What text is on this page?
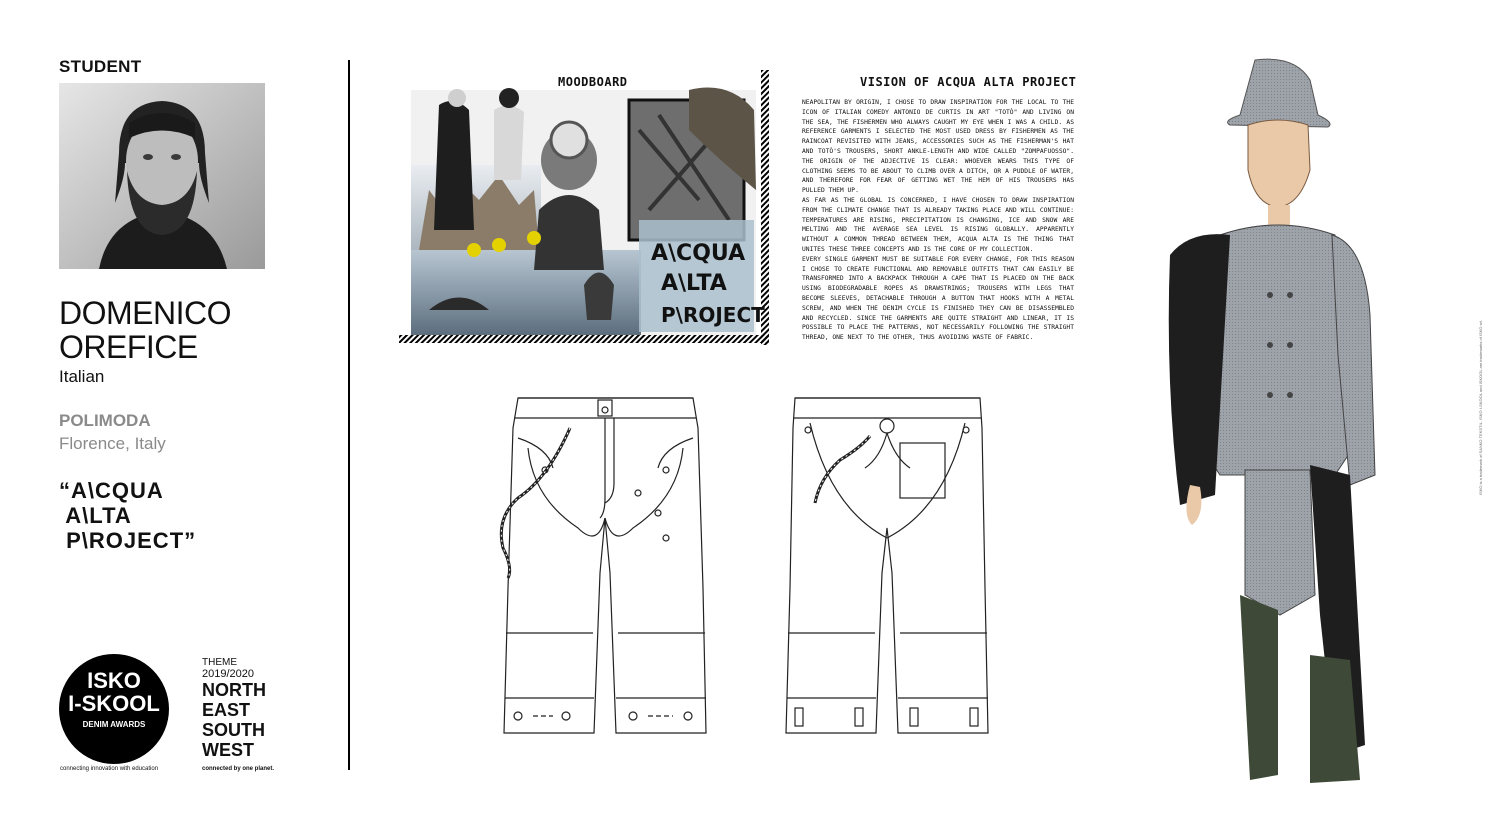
STUDENT
DOMENICO
OREFICE
Italian
POLIMODA
Florence, Italy
“A\CQUA
A\LTA
P\ROJECT”
ISKO
I-SKOOL
DENIM AWARDS
connecting innovation with education
THEME
2019/2020
NORTH
EAST
SOUTH
WEST
connected by one planet.
MOODBOARD
A\CQUA
A\LTA
P\ROJECT
VISION OF ACQUA ALTA PROJECT

NEAPOLITAN BY ORIGIN, I CHOSE TO DRAW INSPIRATION FOR THE LOCAL TO THE ICON OF ITALIAN COMEDY ANTONIO DE CURTIS IN ART "TOTÒ" AND LIVING ON THE SEA, THE FISHERMEN WHO ALWAYS CAUGHT MY EYE WHEN I WAS A CHILD. AS REFERENCE GARMENTS I SELECTED THE MOST USED DRESS BY FISHERMEN AS THE RAINCOAT REVISITED WITH JEANS, ACCESSORIES SUCH AS THE FISHERMAN'S HAT AND TOTÒ'S TROUSERS, SHORT ANKLE-LENGTH AND WIDE CALLED "ZOMPAFUOSSO". THE ORIGIN OF THE ADJECTIVE IS CLEAR: WHOEVER WEARS THIS TYPE OF CLOTHING SEEMS TO BE ABOUT TO CLIMB OVER A DITCH, OR A PUDDLE OF WATER, AND THEREFORE FOR FEAR OF GETTING WET THE HEM OF HIS TROUSERS HAS PULLED THEM UP.

AS FAR AS THE GLOBAL IS CONCERNED, I HAVE CHOSEN TO DRAW INSPIRATION FROM THE CLIMATE CHANGE THAT IS ALREADY TAKING PLACE AND WILL CONTINUE: TEMPERATURES ARE RISING, PRECIPITATION IS CHANGING, ICE AND SNOW ARE MELTING AND THE AVERAGE SEA LEVEL IS RISING GLOBALLY. APPARENTLY WITHOUT A COMMON THREAD BETWEEN THEM, ACQUA ALTA IS THE THING THAT UNITES THESE THREE CONCEPTS AND IS THE CORE OF MY COLLECTION.

EVERY SINGLE GARMENT MUST BE SUITABLE FOR EVERY CHANGE, FOR THIS REASON I CHOSE TO CREATE FUNCTIONAL AND REMOVABLE OUTFITS THAT CAN EASILY BE TRANSFORMED INTO A BACKPACK THROUGH A CAPE THAT IS PLACED ON THE BACK USING BIODEGRADABLE ROPES AS DRAWSTRINGS; TROUSERS WITH LEGS THAT BECOME SLEEVES, DETACHABLE THROUGH A BUTTON THAT HOOKS WITH A METAL SCREW, AND WHEN THE DENIM CYCLE IS FINISHED THEY CAN BE DISASSEMBLED AND RECYCLED. SINCE THE GARMENTS ARE QUITE STRAIGHT AND LINEAR, IT IS POSSIBLE TO PLACE THE PATTERNS, NOT NECESSARILY FOLLOWING THE STRAIGHT THREAD, ONE NEXT TO THE OTHER, THUS AVOIDING WASTE OF FABRIC.	ISKO is a trademark of SANKO TEKSTIL. ISKO I-SKOOL and ISKOOL are trademarks of ISKO srl.
